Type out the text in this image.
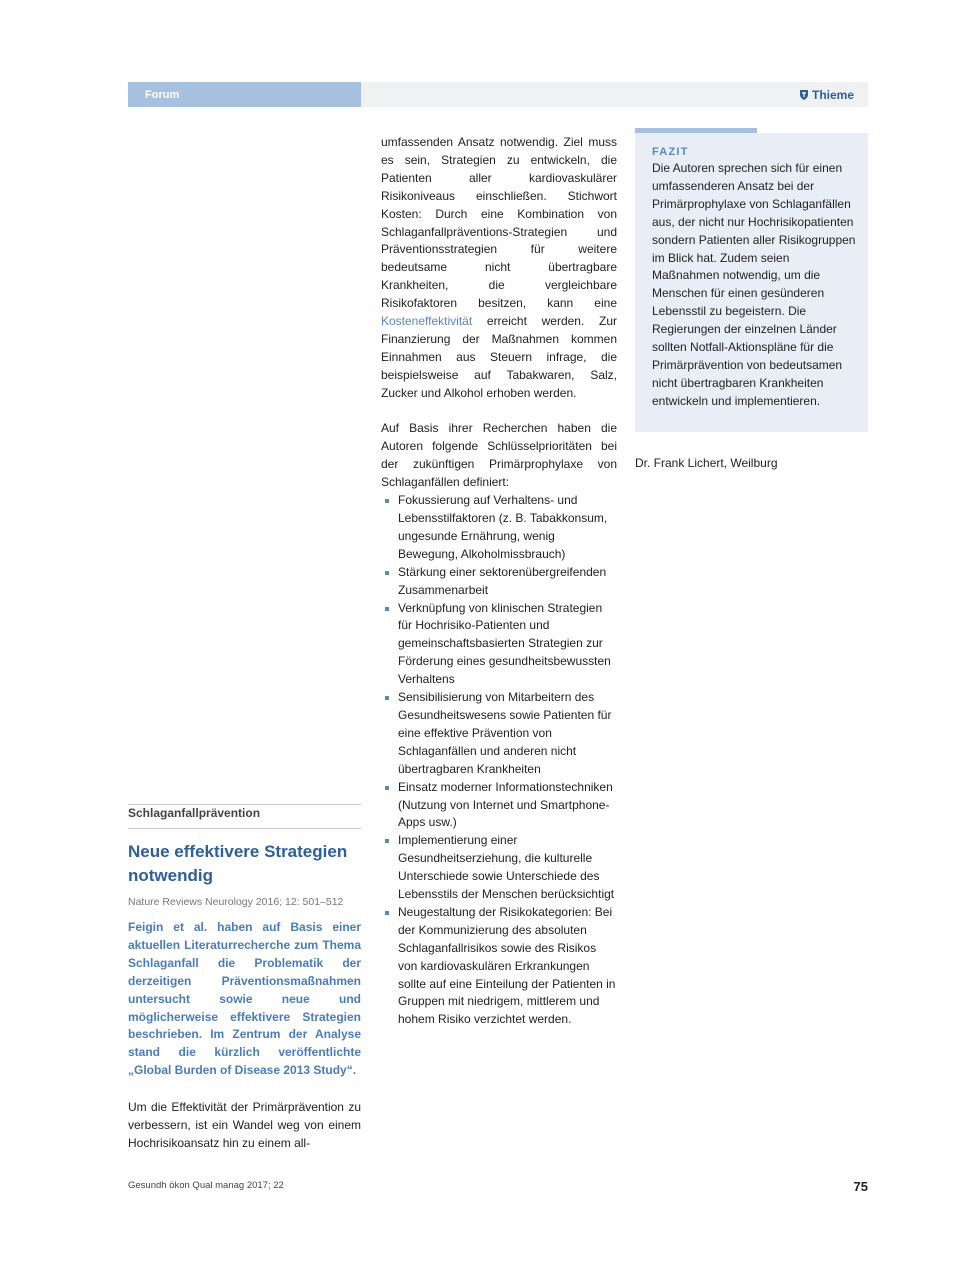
Forum	Thieme

umfassenden Ansatz notwendig. Ziel muss es sein, Strategien zu entwickeln, die Patienten aller kardiovaskulärer Risikoniveaus einschließen. Stichwort Kosten: Durch eine Kombination von Schlaganfallpräventions-Strategien und Präventionsstrategien für weitere bedeutsame nicht übertragbare Krankheiten, die vergleichbare Risikofaktoren besitzen, kann eine Kosteneffektivität erreicht werden. Zur Finanzierung der Maßnahmen kommen Einnahmen aus Steuern infrage, die beispielsweise auf Tabakwaren, Salz, Zucker und Alkohol erhoben werden.

Auf Basis ihrer Recherchen haben die Autoren folgende Schlüsselprioritäten bei der zukünftigen Primärprophylaxe von Schlaganfällen definiert:

Fokussierung auf Verhaltens- und Lebensstilfaktoren (z. B. Tabakkonsum, ungesunde Ernährung, wenig Bewegung, Alkoholmissbrauch)
Stärkung einer sektorenübergreifenden Zusammenarbeit
Verknüpfung von klinischen Strategien für Hochrisiko-Patienten und gemeinschaftsbasierten Strategien zur Förderung eines gesundheitsbewussten Verhaltens
Sensibilisierung von Mitarbeitern des Gesundheitswesens sowie Patienten für eine effektive Prävention von Schlaganfällen und anderen nicht übertragbaren Krankheiten
Einsatz moderner Informationstechniken (Nutzung von Internet und Smartphone-Apps usw.)
Implementierung einer Gesundheitserziehung, die kulturelle Unterschiede sowie Unterschiede des Lebensstils der Menschen berücksichtigt
Neugestaltung der Risikokategorien: Bei der Kommunizierung des absoluten Schlaganfallrisikos sowie des Risikos von kardiovaskulären Erkrankungen sollte auf eine Einteilung der Patienten in Gruppen mit niedrigem, mittlerem und hohem Risiko verzichtet werden.
FAZIT
Die Autoren sprechen sich für einen umfassenderen Ansatz bei der Primärprophylaxe von Schlaganfällen aus, der nicht nur Hochrisikopatienten sondern Patienten aller Risikogruppen im Blick hat. Zudem seien Maßnahmen notwendig, um die Menschen für einen gesünderen Lebensstil zu begeistern. Die Regierungen der einzelnen Länder sollten Notfall-Aktionspläne für die Primärprävention von bedeutsamen nicht übertragbaren Krankheiten entwickeln und implementieren.
Dr. Frank Lichert, Weilburg
Schlaganfallprävention
Neue effektivere Strategien notwendig
Nature Reviews Neurology 2016; 12: 501–512
Feigin et al. haben auf Basis einer aktuellen Literaturrecherche zum Thema Schlaganfall die Problematik der derzeitigen Präventionsmaßnahmen untersucht sowie neue und möglicherweise effektivere Strategien beschrieben. Im Zentrum der Analyse stand die kürzlich veröffentlichte „Global Burden of Disease 2013 Study“.
Um die Effektivität der Primärprävention zu verbessern, ist ein Wandel weg von einem Hochrisikoansatz hin zu einem all-
Gesundh ökon Qual manag 2017; 22	75
